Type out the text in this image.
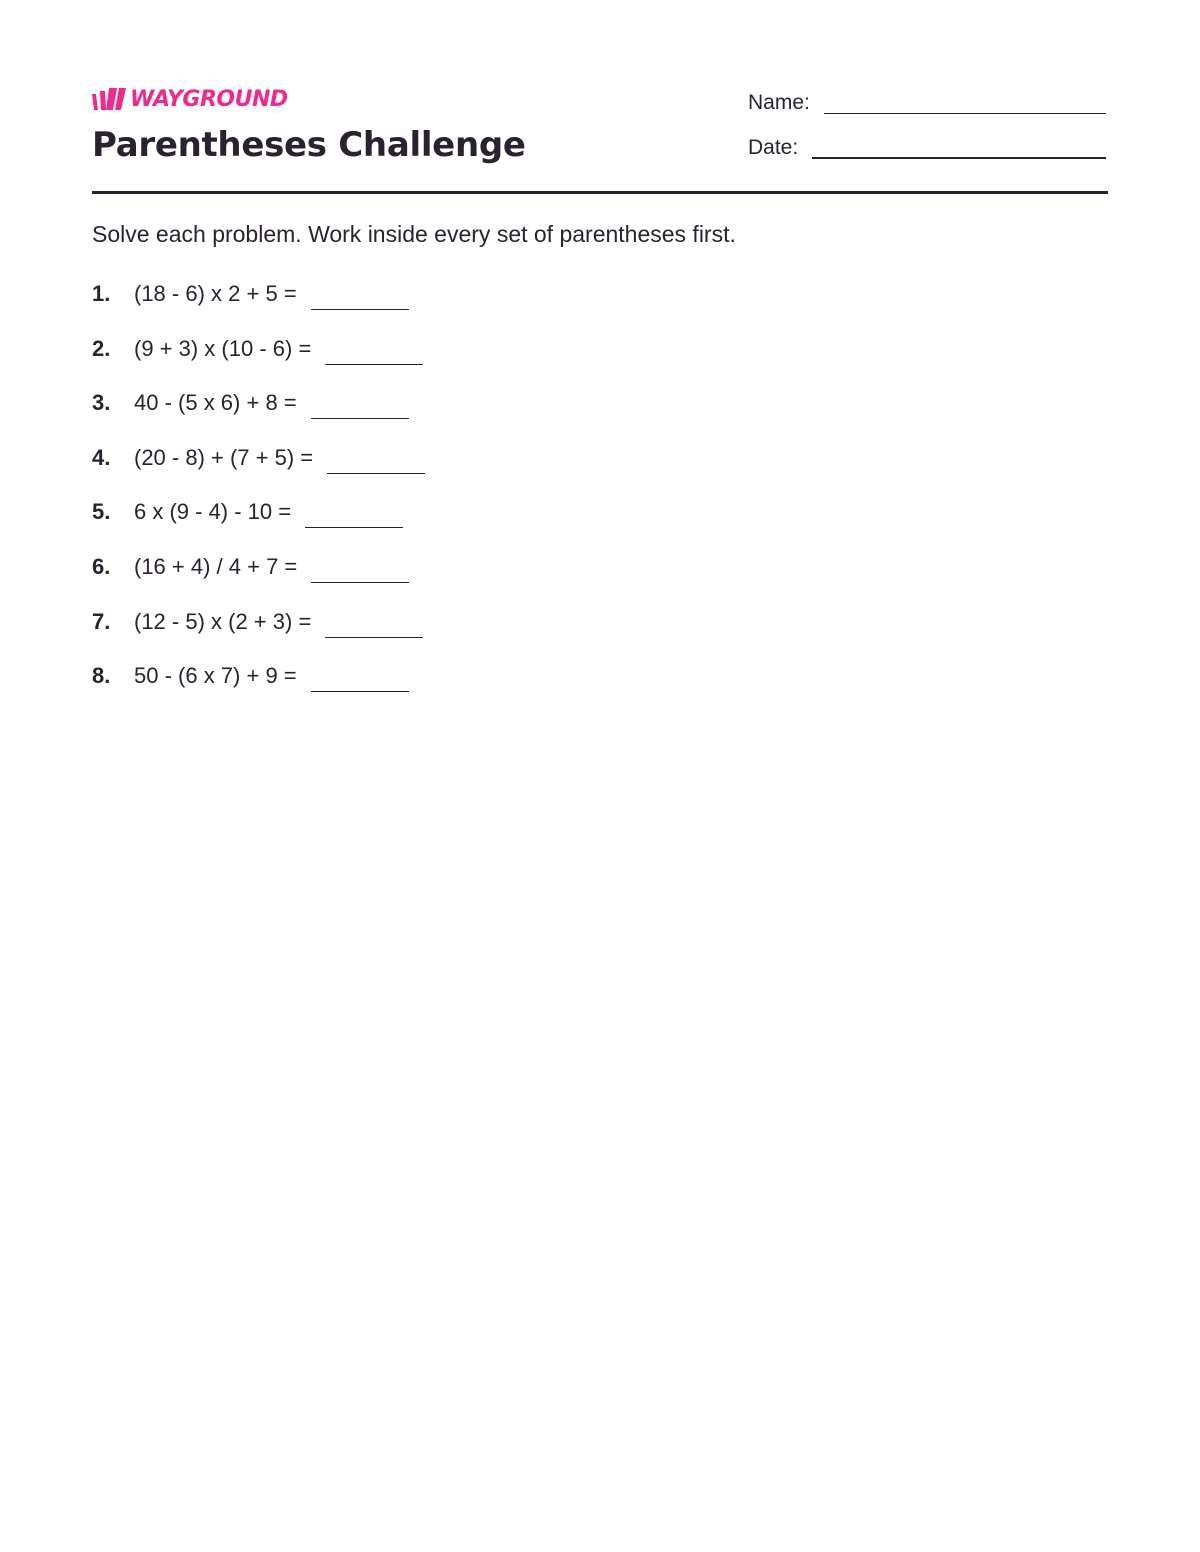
WAYGROUND
Parentheses Challenge
Name:
Date:
Solve each problem. Work inside every set of parentheses first.
1.	(18 - 6) x 2 + 5 =
2.	(9 + 3) x (10 - 6) =
3.	40 - (5 x 6) + 8 =
4.	(20 - 8) + (7 + 5) =
5.	6 x (9 - 4) - 10 =
6.	(16 + 4) / 4 + 7 =
7.	(12 - 5) x (2 + 3) =
8.	50 - (6 x 7) + 9 =
